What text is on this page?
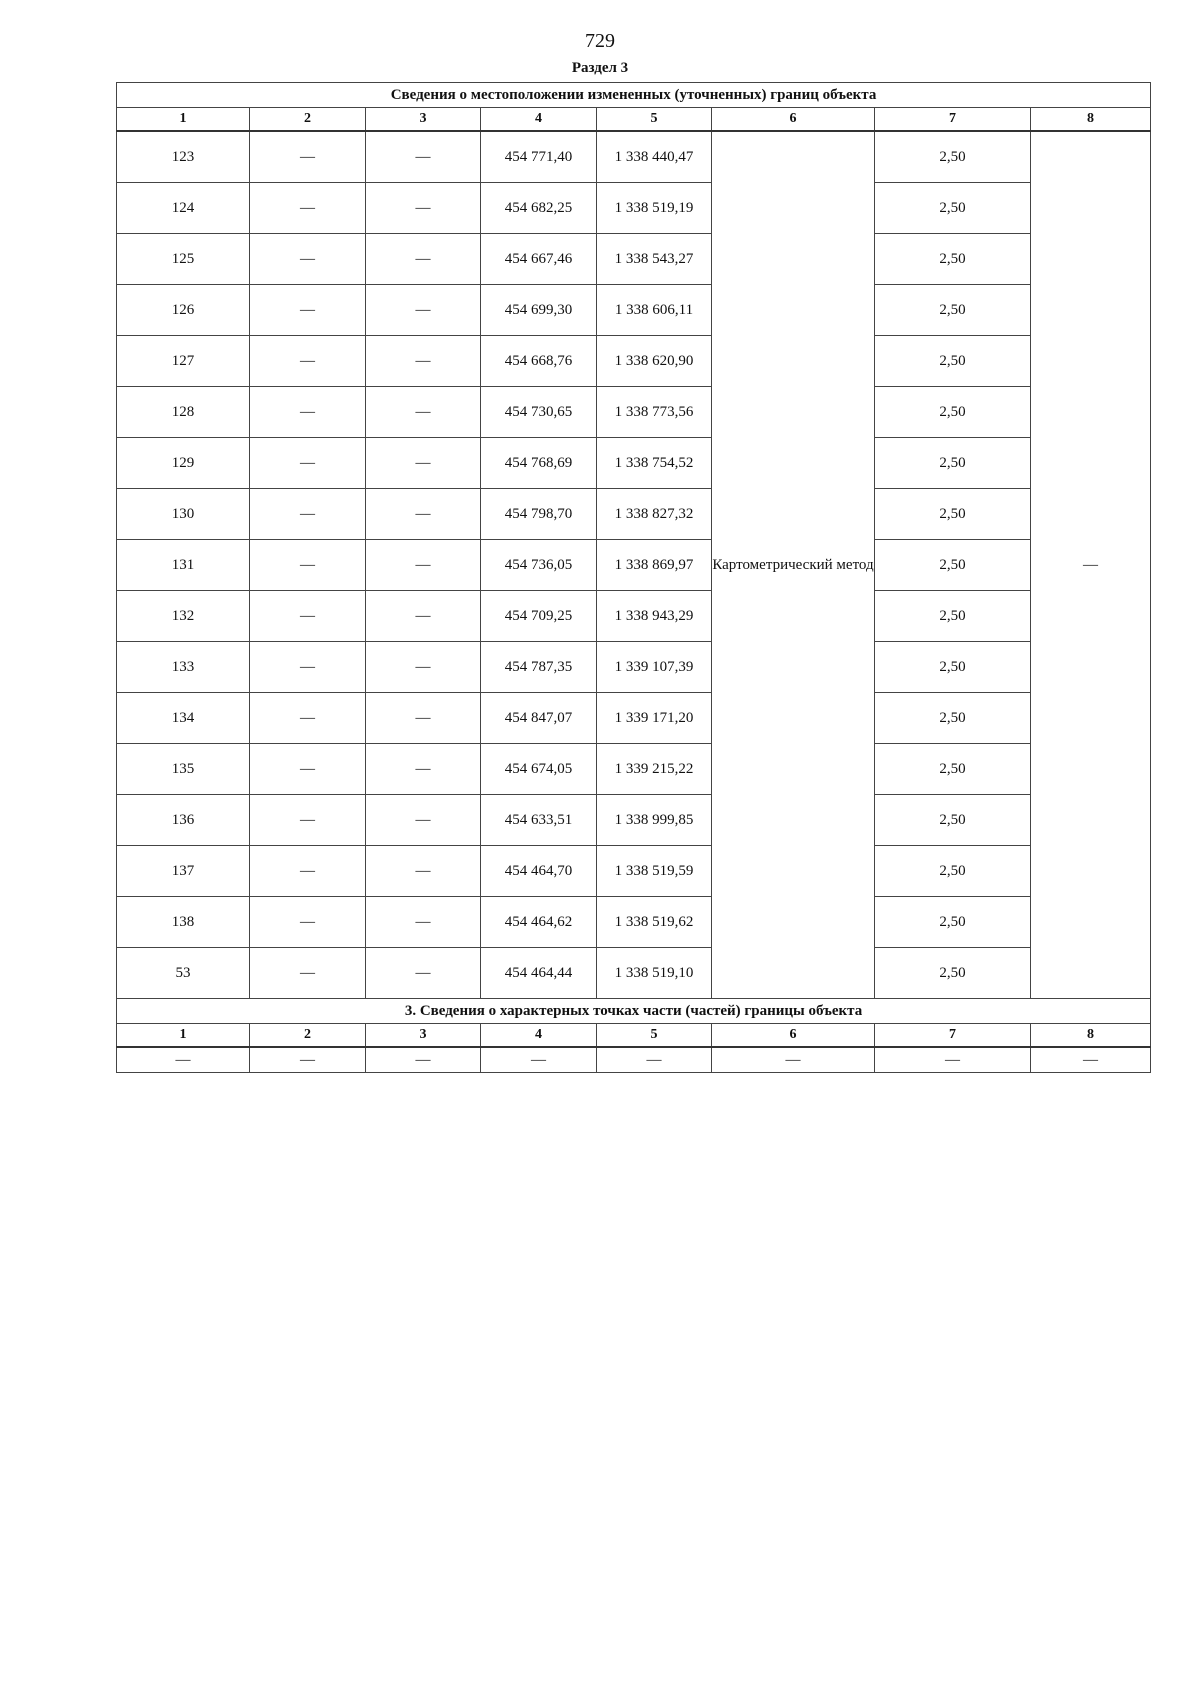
729
Раздел 3
Сведения о местоположении измененных (уточненных) границ объекта							
1	2	3	4	5	6	7	8
123	—	—	454 771,40	1 338 440,47	Картометрический метод	2,50	—
124	—	—	454 682,25	1 338 519,19		2,50	
125	—	—	454 667,46	1 338 543,27		2,50	
126	—	—	454 699,30	1 338 606,11		2,50	
127	—	—	454 668,76	1 338 620,90		2,50	
128	—	—	454 730,65	1 338 773,56		2,50	
129	—	—	454 768,69	1 338 754,52		2,50	
130	—	—	454 798,70	1 338 827,32		2,50	
131	—	—	454 736,05	1 338 869,97		2,50	
132	—	—	454 709,25	1 338 943,29		2,50	
133	—	—	454 787,35	1 339 107,39		2,50	
134	—	—	454 847,07	1 339 171,20		2,50	
135	—	—	454 674,05	1 339 215,22		2,50	
136	—	—	454 633,51	1 338 999,85		2,50	
137	—	—	454 464,70	1 338 519,59		2,50	
138	—	—	454 464,62	1 338 519,62		2,50	
53	—	—	454 464,44	1 338 519,10		2,50	
3. Сведения о характерных точках части (частей) границы объекта							
1	2	3	4	5	6	7	8
—	—	—	—	—	—	—	—
